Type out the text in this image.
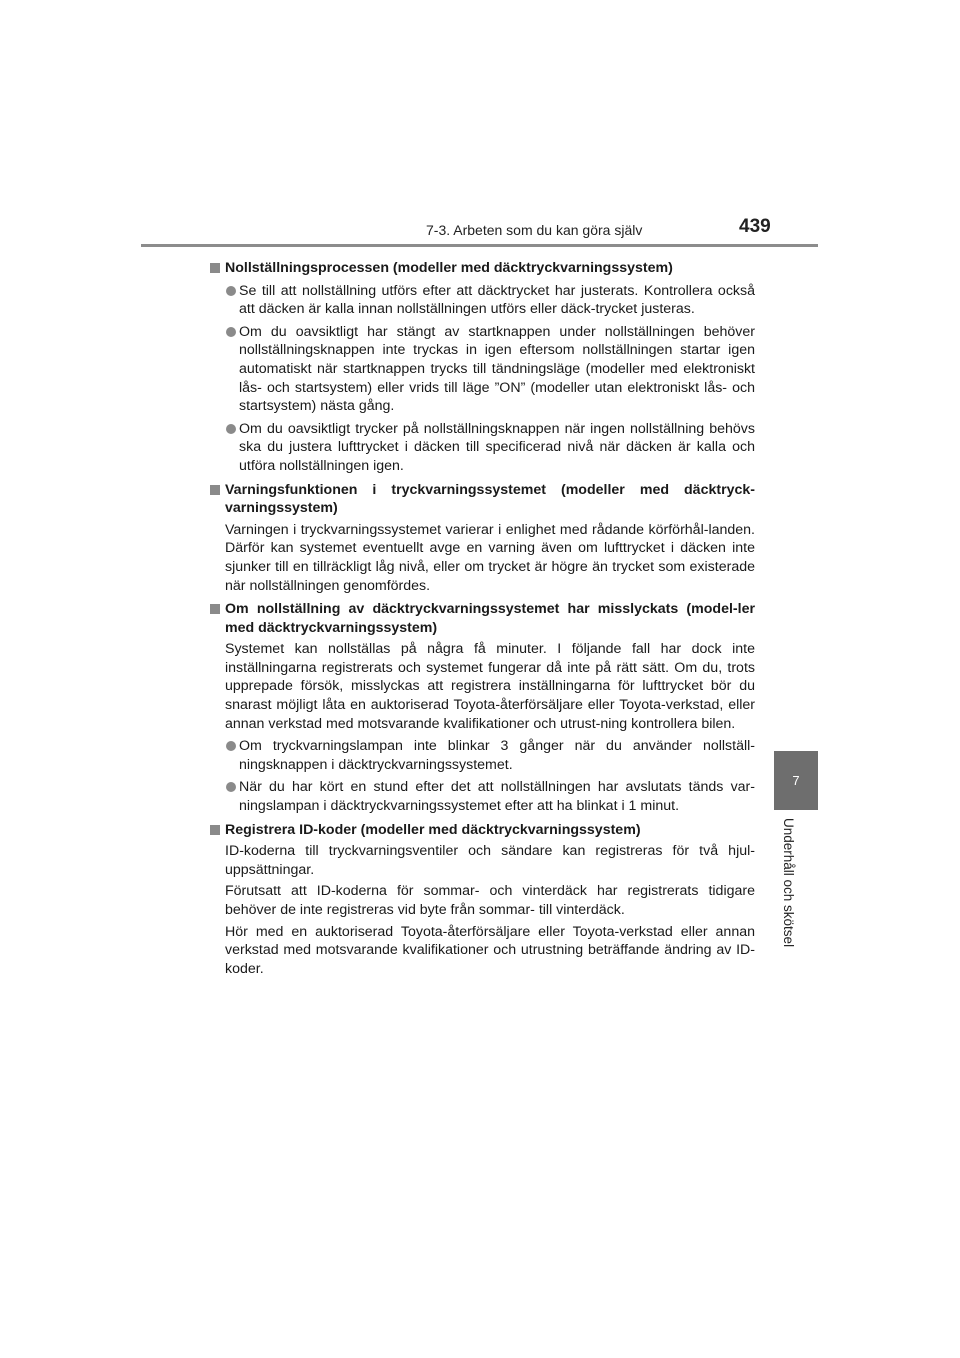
7-3. Arbeten som du kan göra själv	439
7
Underhåll och skötsel
Nollställningsprocessen (modeller med däcktryckvarningssystem)
Se till att nollställning utförs efter att däcktrycket har justerats. Kontrollera också att däcken är kalla innan nollställningen utförs eller däck-trycket justeras.
Om du oavsiktligt har stängt av startknappen under nollställningen behöver nollställningsknappen inte tryckas in igen eftersom nollställningen startar igen automatiskt när startknappen trycks till tändningsläge (modeller med elektroniskt lås- och startsystem) eller vrids till läge ”ON” (modeller utan elektroniskt lås- och startsystem) nästa gång.
Om du oavsiktligt trycker på nollställningsknappen när ingen nollställning behövs ska du justera lufttrycket i däcken till specificerad nivå när däcken är kalla och utföra nollställningen igen.
Varningsfunktionen i tryckvarningssystemet (modeller med däcktryck-varningssystem)
Varningen i tryckvarningssystemet varierar i enlighet med rådande körförhål-landen. Därför kan systemet eventuellt avge en varning även om lufttrycket i däcken inte sjunker till en tillräckligt låg nivå, eller om trycket är högre än trycket som existerade när nollställningen genomfördes.
Om nollställning av däcktryckvarningssystemet har misslyckats (model-ler med däcktryckvarningssystem)
Systemet kan nollställas på några få minuter. I följande fall har dock inte inställningarna registrerats och systemet fungerar då inte på rätt sätt. Om du, trots upprepade försök, misslyckas att registrera inställningarna för lufttrycket bör du snarast möjligt låta en auktoriserad Toyota-återförsäljare eller Toyota-verkstad, eller annan verkstad med motsvarande kvalifikationer och utrust-ning kontrollera bilen.
Om tryckvarningslampan inte blinkar 3 gånger när du använder nollställ-ningsknappen i däcktryckvarningssystemet.
När du har kört en stund efter det att nollställningen har avslutats tänds var-ningslampan i däcktryckvarningssystemet efter att ha blinkat i 1 minut.
Registrera ID-koder (modeller med däcktryckvarningssystem)
ID-koderna till tryckvarningsventiler och sändare kan registreras för två hjul-uppsättningar.
Förutsatt att ID-koderna för sommar- och vinterdäck har registrerats tidigare behöver de inte registreras vid byte från sommar- till vinterdäck.
Hör med en auktoriserad Toyota-återförsäljare eller Toyota-verkstad eller annan verkstad med motsvarande kvalifikationer och utrustning beträffande ändring av ID-koder.
